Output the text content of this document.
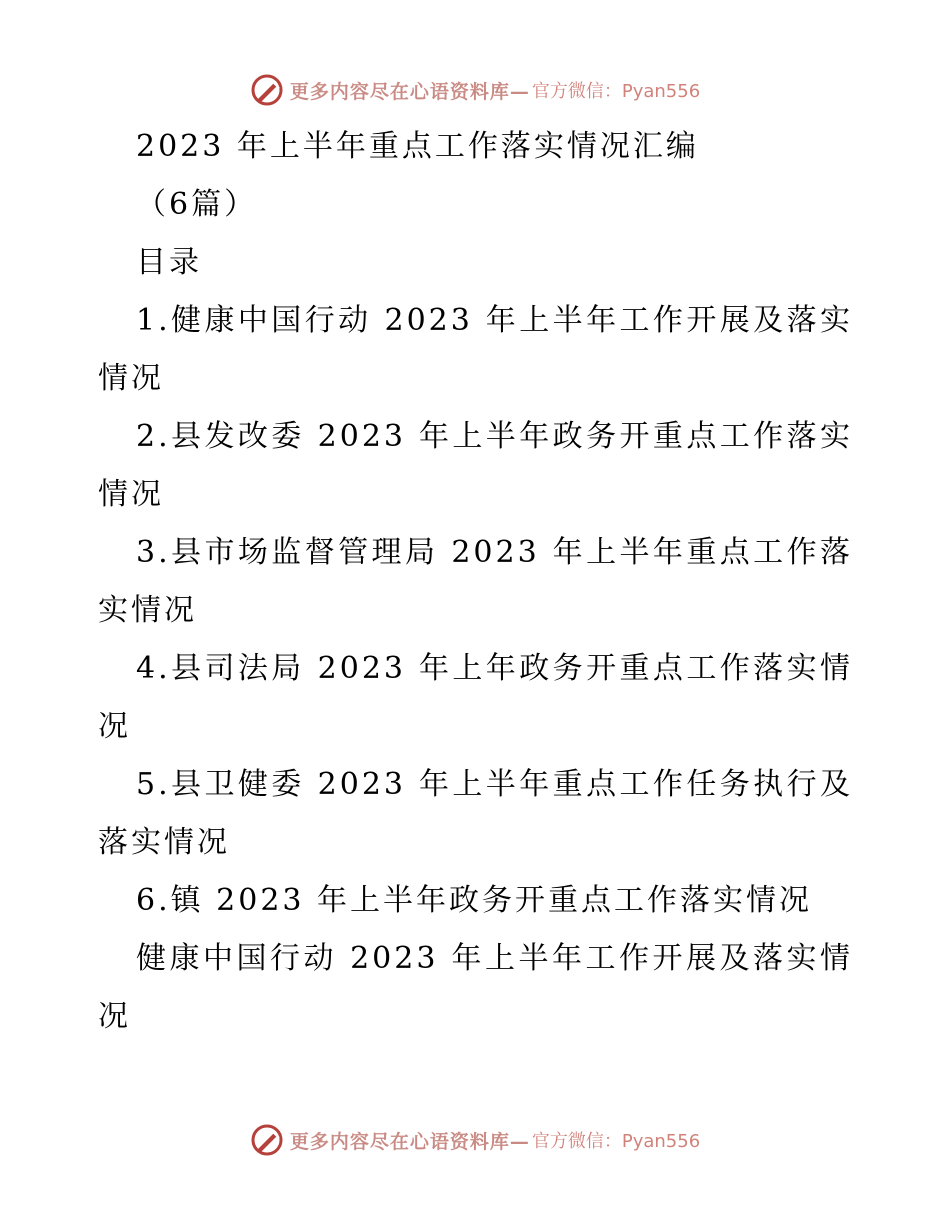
更多内容尽在心语资料库— 官方微信：Pyan556
2023 年上半年重点工作落实情况汇编
（6篇）
目录
1.健康中国行动 2023 年上半年工作开展及落实
情况
2.县发改委 2023 年上半年政务开重点工作落实
情况
3.县市场监督管理局 2023 年上半年重点工作落
实情况
4.县司法局 2023 年上年政务开重点工作落实情
况
5.县卫健委 2023 年上半年重点工作任务执行及
落实情况
6.镇 2023 年上半年政务开重点工作落实情况
健康中国行动 2023 年上半年工作开展及落实情
况
更多内容尽在心语资料库— 官方微信：Pyan556
